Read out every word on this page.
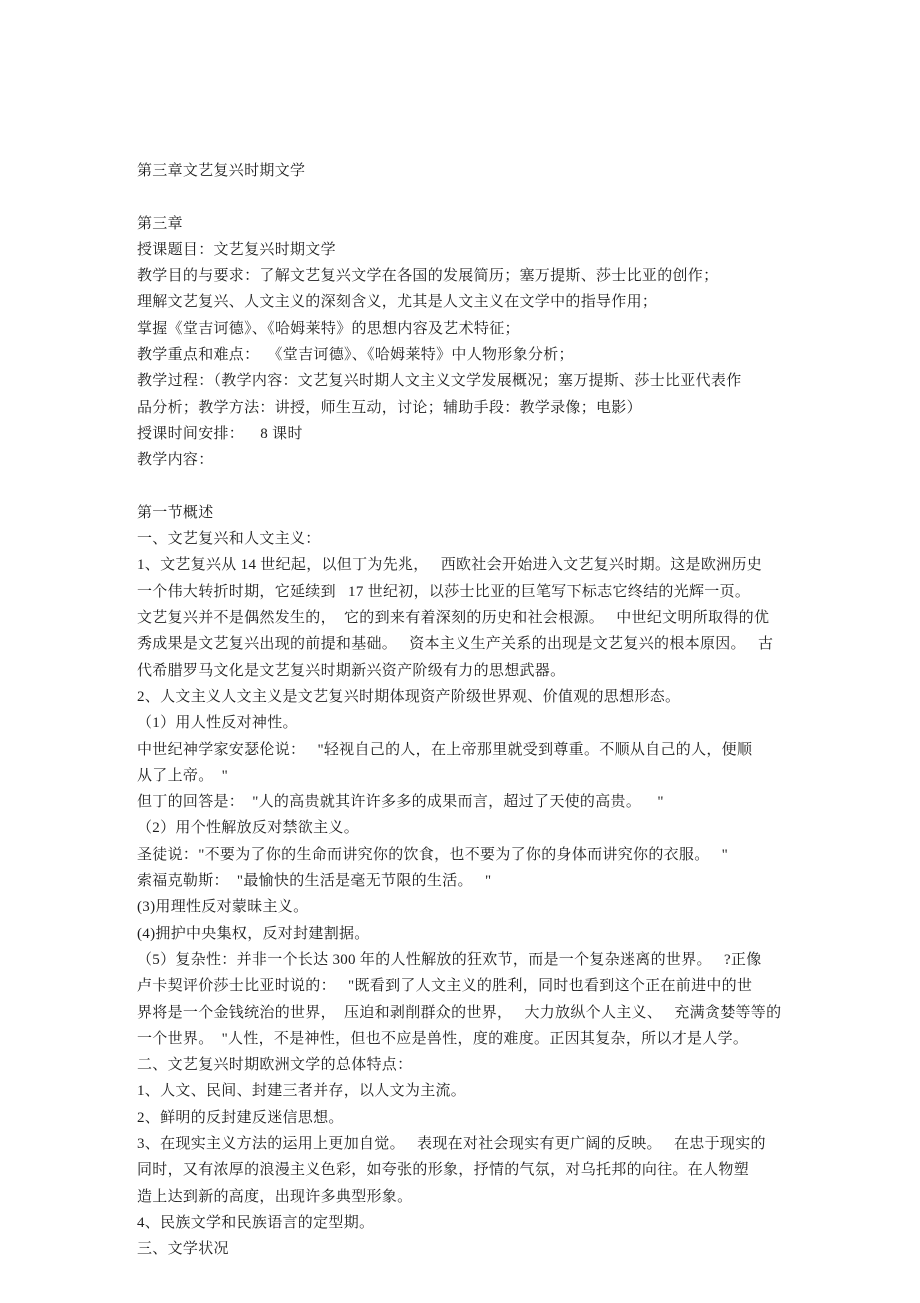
第三章文艺复兴时期文学
第三章
授课题目：文艺复兴时期文学
教学目的与要求：了解文艺复兴文学在各国的发展简历；塞万提斯、莎士比亚的创作；
理解文艺复兴、人文主义的深刻含义，尤其是人文主义在文学中的指导作用；
掌握《堂吉诃德》、《哈姆莱特》的思想内容及艺术特征；
教学重点和难点：  《堂吉诃德》、《哈姆莱特》中人物形象分析；
教学过程：（教学内容：文艺复兴时期人文主义文学发展概况；塞万提斯、莎士比亚代表作
品分析；教学方法：讲授，师生互动，讨论；辅助手段：教学录像；电影）
授课时间安排：    8 课时
教学内容：
第一节概述
一、文艺复兴和人文主义：
1、文艺复兴从 14 世纪起，以但丁为先兆，   西欧社会开始进入文艺复兴时期。这是欧洲历史
一个伟大转折时期，它延续到   17 世纪初，以莎士比亚的巨笔写下标志它终结的光辉一页。
文艺复兴并不是偶然发生的，  它的到来有着深刻的历史和社会根源。   中世纪文明所取得的优
秀成果是文艺复兴出现的前提和基础。   资本主义生产关系的出现是文艺复兴的根本原因。   古
代希腊罗马文化是文艺复兴时期新兴资产阶级有力的思想武器。
2、人文主义人文主义是文艺复兴时期体现资产阶级世界观、价值观的思想形态。
（1）用人性反对神性。
中世纪神学家安瑟伦说：   "轻视自己的人，在上帝那里就受到尊重。不顺从自己的人，便顺
从了上帝。  "
但丁的回答是：  "人的高贵就其许许多多的成果而言，超过了天使的高贵。    "
（2）用个性解放反对禁欲主义。
圣徒说："不要为了你的生命而讲究你的饮食，也不要为了你的身体而讲究你的衣服。   "
索福克勒斯：  "最愉快的生活是毫无节限的生活。   "
(3)用理性反对蒙昧主义。
(4)拥护中央集权，反对封建割据。
（5）复杂性：并非一个长达 300 年的人性解放的狂欢节，而是一个复杂迷离的世界。   ?正像
卢卡契评价莎士比亚时说的：   "既看到了人文主义的胜利，同时也看到这个正在前进中的世
界将是一个金钱统治的世界，  压迫和剥削群众的世界，   大力放纵个人主义、   充满贪婪等等的
一个世界。  "人性，不是神性，但也不应是兽性，度的难度。正因其复杂，所以才是人学。
二、文艺复兴时期欧洲文学的总体特点：
1、人文、民间、封建三者并存，以人文为主流。
2、鲜明的反封建反迷信思想。
3、在现实主义方法的运用上更加自觉。   表现在对社会现实有更广阔的反映。   在忠于现实的
同时，又有浓厚的浪漫主义色彩，如夸张的形象，抒情的气氛，对乌托邦的向往。在人物塑
造上达到新的高度，出现许多典型形象。
4、民族文学和民族语言的定型期。
三、文学状况
